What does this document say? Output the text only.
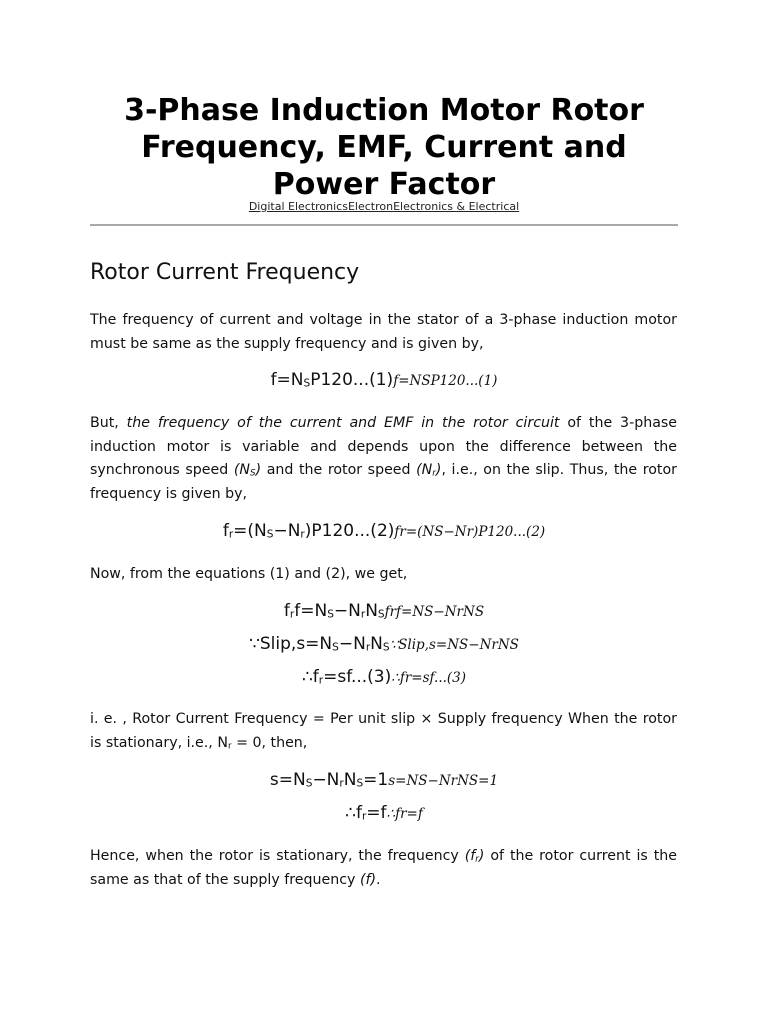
3-Phase Induction Motor Rotor Frequency, EMF, Current and Power Factor
Digital ElectronicsElectronElectronics & Electrical
Rotor Current Frequency

The frequency of current and voltage in the stator of a 3-phase induction motor must be same as the supply frequency and is given by,

$f=N_SP120...(1)f=NSP120...(1)$

But, the frequency of the current and EMF in the rotor circuit of the 3-phase induction motor is variable and depends upon the difference between the synchronous speed $(N_S)$ and the rotor speed $(N_r)$, i.e., on the slip. Thus, the rotor frequency is given by,

$f_r=(N_S-N_r)P120...(2)fr=(NS-Nr)P120...(2)$

Now, from the equations (1) and (2), we get,

$f_rf=N_S-N_rN_Sfrf=NS-NrNS$
$\because Slip,s=N_S-N_rN_S\because Slip,s=NS-NrNS$
$\therefore f_r=sf...(3)\therefore fr=sf...(3)$

i. e. , Rotor Current Frequency = Per unit slip × Supply frequency When the rotor is stationary, i.e., $N_r = 0$, then,

$s=N_S-N_rN_S=1s=NS-NrNS=1$
$\therefore f_r=f\therefore fr=f$

Hence, when the rotor is stationary, the frequency $(f_r)$ of the rotor current is the same as that of the supply frequency (f).
